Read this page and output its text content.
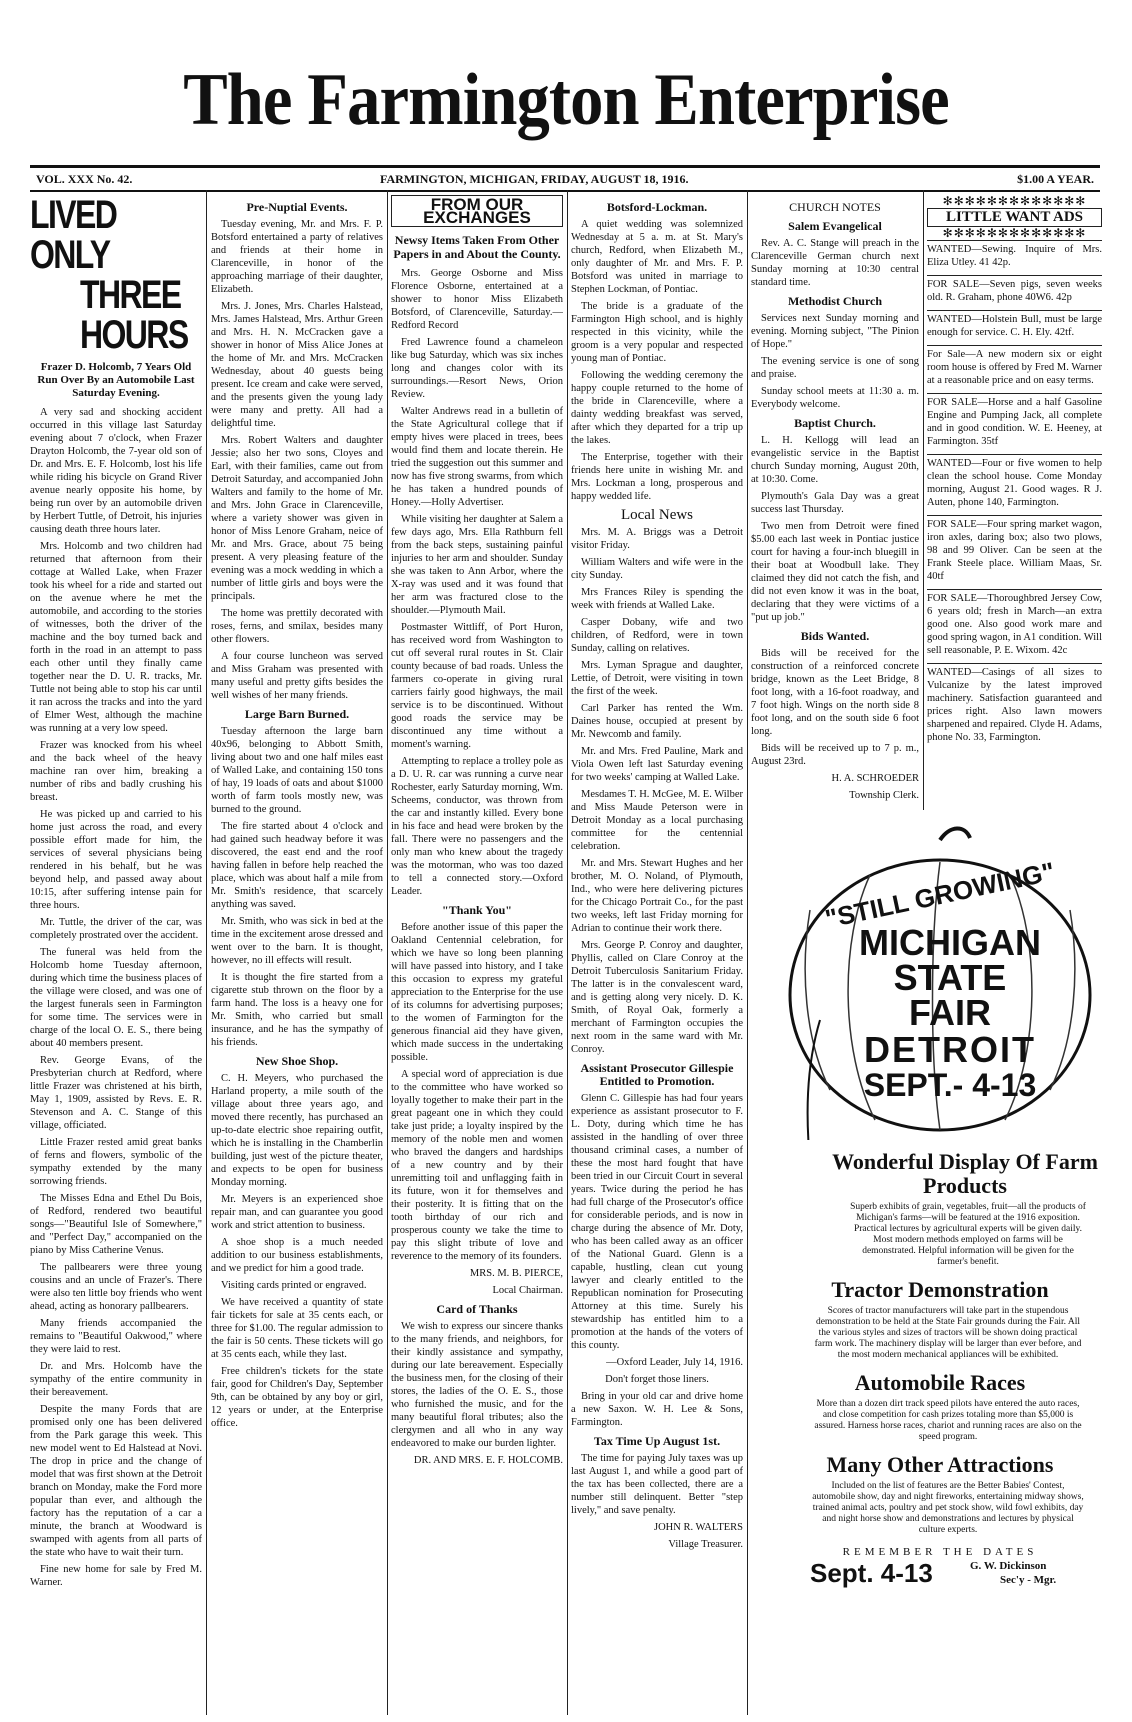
The Farmington Enterprise
VOL. XXX No. 42.	FARMINGTON, MICHIGAN, FRIDAY, AUGUST 18, 1916.	$1.00 A YEAR.
LIVED ONLY
THREE HOURS
Frazer D. Holcomb, 7 Years Old Run Over By an Automobile Last Saturday Evening.

A very sad and shocking accident occurred in this village last Saturday evening about 7 o'clock, when Frazer Drayton Holcomb, the 7-year old son of Dr. and Mrs. E. F. Holcomb, lost his life while riding his bicycle on Grand River avenue nearly opposite his home, by being run over by an automobile driven by Herbert Tuttle, of Detroit, his injuries causing death three hours later.

Mrs. Holcomb and two children had returned that afternoon from their cottage at Walled Lake, when Frazer took his wheel for a ride and started out on the avenue where he met the automobile, and according to the stories of witnesses, both the driver of the machine and the boy turned back and forth in the road in an attempt to pass each other until they finally came together near the D. U. R. tracks, Mr. Tuttle not being able to stop his car until it ran across the tracks and into the yard of Elmer West, although the machine was running at a very low speed.

Frazer was knocked from his wheel and the back wheel of the heavy machine ran over him, breaking a number of ribs and badly crushing his breast.

He was picked up and carried to his home just across the road, and every possible effort made for him, the services of several physicians being rendered in his behalf, but he was beyond help, and passed away about 10:15, after suffering intense pain for three hours.

Mr. Tuttle, the driver of the car, was completely prostrated over the accident.

The funeral was held from the Holcomb home Tuesday afternoon, during which time the business places of the village were closed, and was one of the largest funerals seen in Farmington for some time. The services were in charge of the local O. E. S., there being about 40 members present.

Rev. George Evans, of the Presbyterian church at Redford, where little Frazer was christened at his birth, May 1, 1909, assisted by Revs. E. R. Stevenson and A. C. Stange of this village, officiated.

Little Frazer rested amid great banks of ferns and flowers, symbolic of the sympathy extended by the many sorrowing friends.

The Misses Edna and Ethel Du Bois, of Redford, rendered two beautiful songs—"Beautiful Isle of Somewhere," and "Perfect Day," accompanied on the piano by Miss Catherine Venus.

The pallbearers were three young cousins and an uncle of Frazer's. There were also ten little boy friends who went ahead, acting as honorary pallbearers.

Many friends accompanied the remains to "Beautiful Oakwood," where they were laid to rest.

Dr. and Mrs. Holcomb have the sympathy of the entire community in their bereavement.

Despite the many Fords that are promised only one has been delivered from the Park garage this week. This new model went to Ed Halstead at Novi. The drop in price and the change of model that was first shown at the Detroit branch on Monday, make the Ford more popular than ever, and although the factory has the reputation of a car a minute, the branch at Woodward is swamped with agents from all parts of the state who have to wait their turn.

Fine new home for sale by Fred M. Warner.

Pre-Nuptial Events.

Tuesday evening, Mr. and Mrs. F. P. Botsford entertained a party of relatives and friends at their home in Clarenceville, in honor of the approaching marriage of their daughter, Elizabeth.

Mrs. J. Jones, Mrs. Charles Halstead, Mrs. James Halstead, Mrs. Arthur Green and Mrs. H. N. McCracken gave a shower in honor of Miss Alice Jones at the home of Mr. and Mrs. McCracken Wednesday, about 40 guests being present. Ice cream and cake were served, and the presents given the young lady were many and pretty. All had a delightful time.

Mrs. Robert Walters and daughter Jessie; also her two sons, Cloyes and Earl, with their families, came out from Detroit Saturday, and accompanied John Walters and family to the home of Mr. and Mrs. John Grace in Clarenceville, where a variety shower was given in honor of Miss Lenore Graham, neice of Mr. and Mrs. Grace, about 75 being present. A very pleasing feature of the evening was a mock wedding in which a number of little girls and boys were the principals.

The home was prettily decorated with roses, ferns, and smilax, besides many other flowers.

A four course luncheon was served and Miss Graham was presented with many useful and pretty gifts besides the well wishes of her many friends.

Large Barn Burned.

Tuesday afternoon the large barn 40x96, belonging to Abbott Smith, living about two and one half miles east of Walled Lake, and containing 150 tons of hay, 19 loads of oats and about $1000 worth of farm tools mostly new, was burned to the ground.

The fire started about 4 o'clock and had gained such headway before it was discovered, the east end and the roof having fallen in before help reached the place, which was about half a mile from Mr. Smith's residence, that scarcely anything was saved.

Mr. Smith, who was sick in bed at the time in the excitement arose dressed and went over to the barn. It is thought, however, no ill effects will result.

It is thought the fire started from a cigarette stub thrown on the floor by a farm hand. The loss is a heavy one for Mr. Smith, who carried but small insurance, and he has the sympathy of his friends.

New Shoe Shop.

C. H. Meyers, who purchased the Harland property, a mile south of the village about three years ago, and moved there recently, has purchased an up-to-date electric shoe repairing outfit, which he is installing in the Chamberlin building, just west of the picture theater, and expects to be open for business Monday morning.

Mr. Meyers is an experienced shoe repair man, and can guarantee you good work and strict attention to business.

A shoe shop is a much needed addition to our business establishments, and we predict for him a good trade.

Visiting cards printed or engraved.

We have received a quantity of state fair tickets for sale at 35 cents each, or three for $1.00. The regular admission to the fair is 50 cents. These tickets will go at 35 cents each, while they last.

Free children's tickets for the state fair, good for Children's Day, September 9th, can be obtained by any boy or girl, 12 years or under, at the Enterprise office.

FROM OUR EXCHANGES
Newsy Items Taken From Other Papers in and About the County.

Mrs. George Osborne and Miss Florence Osborne, entertained at a shower to honor Miss Elizabeth Botsford, of Clarenceville, Saturday.—Redford Record

Fred Lawrence found a chameleon like bug Saturday, which was six inches long and changes color with its surroundings.—Resort News, Orion Review.

Walter Andrews read in a bulletin of the State Agricultural college that if empty hives were placed in trees, bees would find them and locate therein. He tried the suggestion out this summer and now has five strong swarms, from which he has taken a hundred pounds of Honey.—Holly Advertiser.

While visiting her daughter at Salem a few days ago, Mrs. Ella Rathburn fell from the back steps, sustaining painful injuries to her arm and shoulder. Sunday she was taken to Ann Arbor, where the X-ray was used and it was found that her arm was fractured close to the shoulder.—Plymouth Mail.

Postmaster Wittliff, of Port Huron, has received word from Washington to cut off several rural routes in St. Clair county because of bad roads. Unless the farmers co-operate in giving rural carriers fairly good highways, the mail service is to be discontinued. Without good roads the service may be discontinued any time without a moment's warning.

Attempting to replace a trolley pole as a D. U. R. car was running a curve near Rochester, early Saturday morning, Wm. Scheems, conductor, was thrown from the car and instantly killed. Every bone in his face and head were broken by the fall. There were no passengers and the only man who knew about the tragedy was the motorman, who was too dazed to tell a connected story.—Oxford Leader.

"Thank You"

Before another issue of this paper the Oakland Centennial celebration, for which we have so long been planning will have passed into history, and I take this occasion to express my grateful appreciation to the Enterprise for the use of its columns for advertising purposes; to the women of Farmington for the generous financial aid they have given, which made success in the undertaking possible.

A special word of appreciation is due to the committee who have worked so loyally together to make their part in the great pageant one in which they could take just pride; a loyalty inspired by the memory of the noble men and women who braved the dangers and hardships of a new country and by their unremitting toil and unflagging faith in its future, won it for themselves and their posterity. It is fitting that on the tooth birthday of our rich and prosperous county we take the time to pay this slight tribute of love and reverence to the memory of its founders.

MRS. M. B. PIERCE,

Local Chairman.

Card of Thanks

We wish to express our sincere thanks to the many friends, and neighbors, for their kindly assistance and sympathy, during our late bereavement. Especially the business men, for the closing of their stores, the ladies of the O. E. S., those who furnished the music, and for the many beautiful floral tributes; also the clergymen and all who in any way endeavored to make our burden lighter.

DR. AND MRS. E. F. HOLCOMB.

Botsford-Lockman.

A quiet wedding was solemnized Wednesday at 5 a. m. at St. Mary's church, Redford, when Elizabeth M., only daughter of Mr. and Mrs. F. P. Botsford was united in marriage to Stephen Lockman, of Pontiac.

The bride is a graduate of the Farmington High school, and is highly respected in this vicinity, while the groom is a very popular and respected young man of Pontiac.

Following the wedding ceremony the happy couple returned to the home of the bride in Clarenceville, where a dainty wedding breakfast was served, after which they departed for a trip up the lakes.

The Enterprise, together with their friends here unite in wishing Mr. and Mrs. Lockman a long, prosperous and happy wedded life.

Local News

Mrs. M. A. Briggs was a Detroit visitor Friday.

William Walters and wife were in the city Sunday.

Mrs Frances Riley is spending the week with friends at Walled Lake.

Casper Dobany, wife and two children, of Redford, were in town Sunday, calling on relatives.

Mrs. Lyman Sprague and daughter, Lettie, of Detroit, were visiting in town the first of the week.

Carl Parker has rented the Wm. Daines house, occupied at present by Mr. Newcomb and family.

Mr. and Mrs. Fred Pauline, Mark and Viola Owen left last Saturday evening for two weeks' camping at Walled Lake.

Mesdames T. H. McGee, M. E. Wilber and Miss Maude Peterson were in Detroit Monday as a local purchasing committee for the centennial celebration.

Mr. and Mrs. Stewart Hughes and her brother, M. O. Noland, of Plymouth, Ind., who were here delivering pictures for the Chicago Portrait Co., for the past two weeks, left last Friday morning for Adrian to continue their work there.

Mrs. George P. Conroy and daughter, Phyllis, called on Clare Conroy at the Detroit Tuberculosis Sanitarium Friday. The latter is in the convalescent ward, and is getting along very nicely. D. K. Smith, of Royal Oak, formerly a merchant of Farmington occupies the next room in the same ward with Mr. Conroy.

Assistant Prosecutor Gillespie Entitled to Promotion.

Glenn C. Gillespie has had four years experience as assistant prosecutor to F. L. Doty, during which time he has assisted in the handling of over three thousand criminal cases, a number of these the most hard fought that have been tried in our Circuit Court in several years. Twice during the period he has had full charge of the Prosecutor's office for considerable periods, and is now in charge during the absence of Mr. Doty, who has been called away as an officer of the National Guard. Glenn is a capable, hustling, clean cut young lawyer and clearly entitled to the Republican nomination for Prosecuting Attorney at this time. Surely his stewardship has entitled him to a promotion at the hands of the voters of this county.

—Oxford Leader, July 14, 1916.

Don't forget those liners.

Bring in your old car and drive home a new Saxon. W. H. Lee & Sons, Farmington.

Tax Time Up August 1st.

The time for paying July taxes was up last August 1, and while a good part of the tax has been collected, there are a number still delinquent. Better "step lively," and save penalty.

JOHN R. WALTERS

Village Treasurer.

CHURCH NOTES
Salem Evangelical

Rev. A. C. Stange will preach in the Clarenceville German church next Sunday morning at 10:30 central standard time.

Methodist Church

Services next Sunday morning and evening. Morning subject, "The Pinion of Hope."

The evening service is one of song and praise.

Sunday school meets at 11:30 a. m. Everybody welcome.

Baptist Church.

L. H. Kellogg will lead an evangelistic service in the Baptist church Sunday morning, August 20th, at 10:30. Come.

Plymouth's Gala Day was a great success last Thursday.

Two men from Detroit were fined $5.00 each last week in Pontiac justice court for having a four-inch bluegill in their boat at Woodbull lake. They claimed they did not catch the fish, and did not even know it was in the boat, declaring that they were victims of a "put up job."

Bids Wanted.

Bids will be received for the construction of a reinforced concrete bridge, known as the Leet Bridge, 8 foot long, with a 16-foot roadway, and 7 foot high. Wings on the north side 8 foot long, and on the south side 6 foot long.

Bids will be received up to 7 p. m., August 23rd.

H. A. SCHROEDER

Township Clerk.

✻✻✻✻✻✻✻✻✻✻✻✻✻
LITTLE WANT ADS
✻✻✻✻✻✻✻✻✻✻✻✻✻

WANTED—Sewing. Inquire of Mrs. Eliza Utley. 41 42p.

FOR SALE—Seven pigs, seven weeks old. R. Graham, phone 40W6. 42p

WANTED—Holstein Bull, must be large enough for service. C. H. Ely. 42tf.

For Sale—A new modern six or eight room house is offered by Fred M. Warner at a reasonable price and on easy terms.

FOR SALE—Horse and a half Gasoline Engine and Pumping Jack, all complete and in good condition. W. E. Heeney, at Farmington. 35tf

WANTED—Four or five women to help clean the school house. Come Monday morning, August 21. Good wages. R J. Auten, phone 140, Farmington.

FOR SALE—Four spring market wagon, iron axles, daring box; also two plows, 98 and 99 Oliver. Can be seen at the Frank Steele place. William Maas, Sr. 40tf

FOR SALE—Thoroughbred Jersey Cow, 6 years old; fresh in March—an extra good one. Also good work mare and good spring wagon, in A1 condition. Will sell reasonable, P. E. Wixom. 42c

WANTED—Casings of all sizes to Vulcanize by the latest improved machinery. Satisfaction guaranteed and prices right. Also lawn mowers sharpened and repaired. Clyde H. Adams, phone No. 33, Farmington.

"STILL GROWING"
MICHIGAN
STATE
FAIR
DETROIT
SEPT.- 4-13
Wonderful Display Of Farm Products
Superb exhibits of grain, vegetables, fruit—all the products of Michigan's farms—will be featured at the 1916 exposition. Practical lectures by agricultural experts will be given daily. Most modern methods employed on farms will be demonstrated. Helpful information will be given for the farmer's benefit.
Tractor Demonstration
Scores of tractor manufacturers will take part in the stupendous demonstration to be held at the State Fair grounds during the Fair. All the various styles and sizes of tractors will be shown doing practical farm work. The machinery display will be larger than ever before, and the most modern mechanical appliances will be exhibited.
Automobile Races
More than a dozen dirt track speed pilots have entered the auto races, and close competition for cash prizes totaling more than $5,000 is assured. Harness horse races, chariot and running races are also on the speed program.
Many Other Attractions
Included on the list of features are the Better Babies' Contest, automobile show, day and night fireworks, entertaining midway shows, trained animal acts, poultry and pet stock show, wild fowl exhibits, day and night horse show and demonstrations and lectures by physical culture experts.
REMEMBER THE DATES
Sept. 4-13	G. W. Dickinson
Sec'y - Mgr.
